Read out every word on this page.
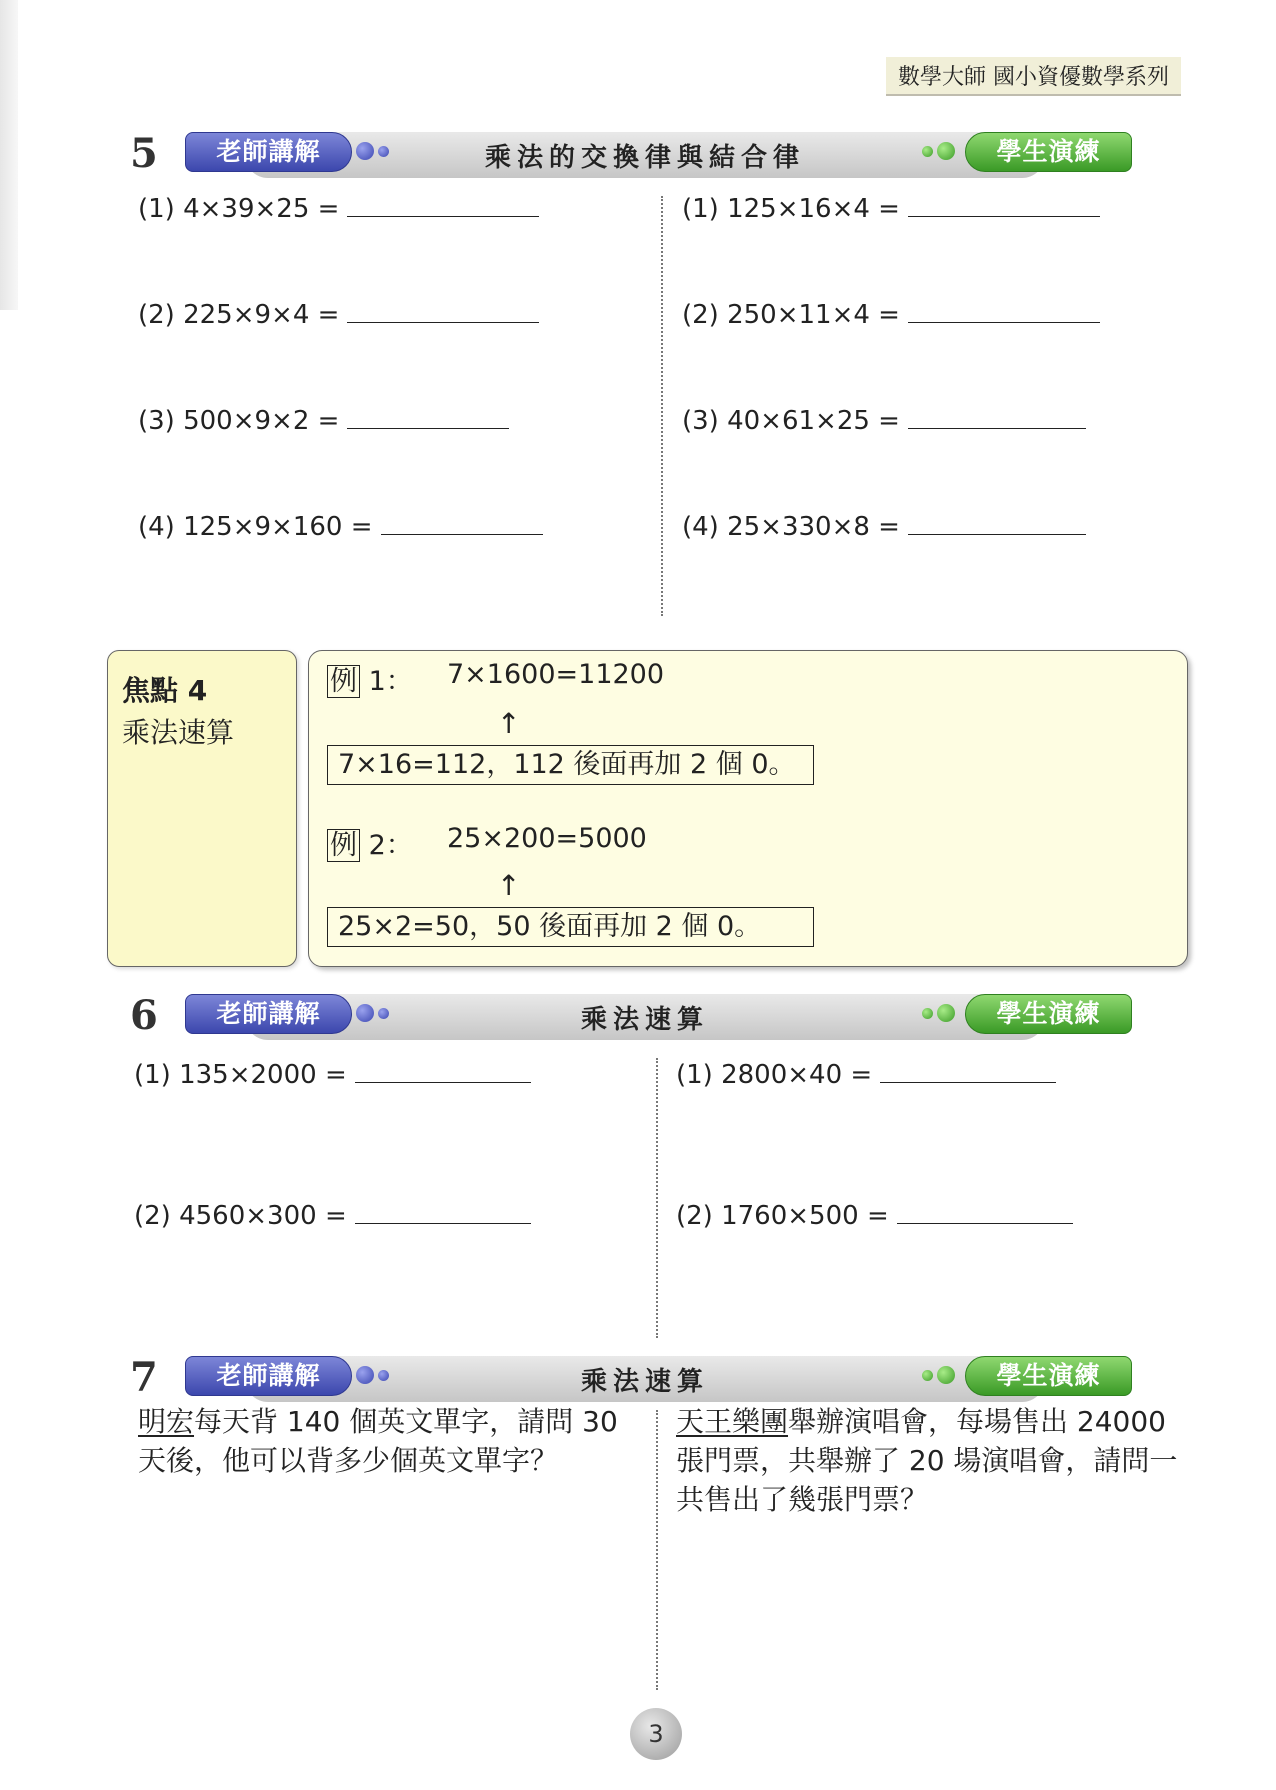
數學大師 國小資優數學系列
5	老師講解	乘法的交換律與結合律	學生演練
(1) 4×39×25 =
(2) 225×9×4 =
(3) 500×9×2 =
(4) 125×9×160 =
(1) 125×16×4 =
(2) 250×11×4 =
(3) 40×61×25 =
(4) 25×330×8 =
焦點 4
乘法速算
例 1： 7×1600=11200
↑
7×16=112，112 後面再加 2 個 0。
例 2： 25×200=5000
↑
25×2=50，50 後面再加 2 個 0。
6	老師講解	乘法速算	學生演練
(1) 135×2000 =
(2) 4560×300 =
(1) 2800×40 =
(2) 1760×500 =
7	老師講解	乘法速算	學生演練
明宏每天背 140 個英文單字，請問 30
天後，他可以背多少個英文單字？
天王樂團舉辦演唱會，每場售出 24000
張門票，共舉辦了 20 場演唱會，請問一
共售出了幾張門票？
3
